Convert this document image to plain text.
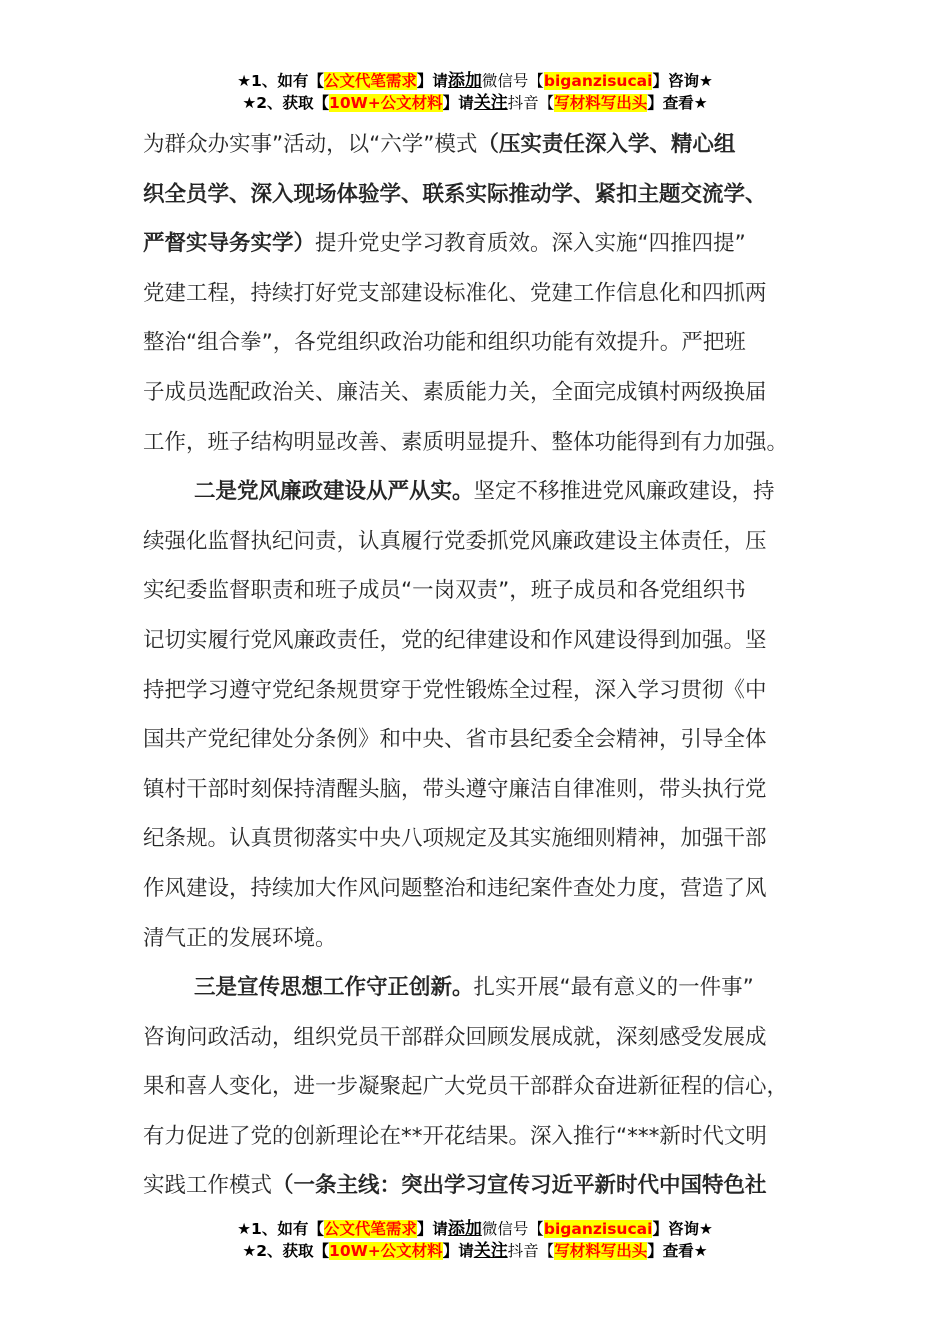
★1、如有【公文代笔需求】请添加微信号【biganzisucai】咨询★
★2、获取【10W+公文材料】请关注抖音【写材料写出头】查看★
为群众办实事”活动，以“六学”模式（压实责任深入学、精心组
织全员学、深入现场体验学、联系实际推动学、紧扣主题交流学、
严督实导务实学）提升党史学习教育质效。深入实施“四推四提”
党建工程，持续打好党支部建设标准化、党建工作信息化和四抓两
整治“组合拳”，各党组织政治功能和组织功能有效提升。严把班
子成员选配政治关、廉洁关、素质能力关，全面完成镇村两级换届
工作，班子结构明显改善、素质明显提升、整体功能得到有力加强。
二是党风廉政建设从严从实。坚定不移推进党风廉政建设，持
续强化监督执纪问责，认真履行党委抓党风廉政建设主体责任，压
实纪委监督职责和班子成员“一岗双责”，班子成员和各党组织书
记切实履行党风廉政责任，党的纪律建设和作风建设得到加强。坚
持把学习遵守党纪条规贯穿于党性锻炼全过程，深入学习贯彻《中
国共产党纪律处分条例》和中央、省市县纪委全会精神，引导全体
镇村干部时刻保持清醒头脑，带头遵守廉洁自律准则，带头执行党
纪条规。认真贯彻落实中央八项规定及其实施细则精神，加强干部
作风建设，持续加大作风问题整治和违纪案件查处力度，营造了风
清气正的发展环境。
三是宣传思想工作守正创新。扎实开展“最有意义的一件事”
咨询问政活动，组织党员干部群众回顾发展成就，深刻感受发展成
果和喜人变化，进一步凝聚起广大党员干部群众奋进新征程的信心，
有力促进了党的创新理论在**开花结果。深入推行“***新时代文明
实践工作模式（一条主线：突出学习宣传习近平新时代中国特色社
★1、如有【公文代笔需求】请添加微信号【biganzisucai】咨询★
★2、获取【10W+公文材料】请关注抖音【写材料写出头】查看★
